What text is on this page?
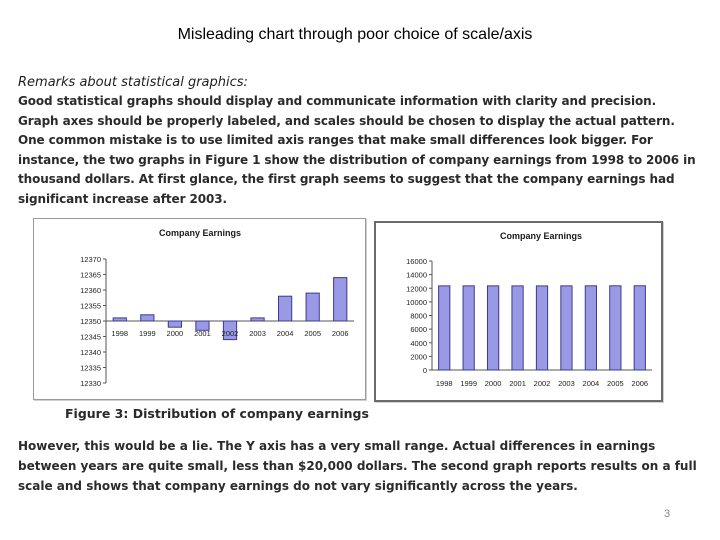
Misleading chart through poor choice of scale/axis

Remarks about statistical graphics:

Good statistical graphs should display and communicate information with clarity and precision. Graph axes should be properly labeled, and scales should be chosen to display the actual pattern. One common mistake is to use limited axis ranges that make small differences look bigger. For instance, the two graphs in Figure 1 show the distribution of company earnings from 1998 to 2006 in thousand dollars. At first glance, the first graph seems to suggest that the company earnings had significant increase after 2003.

Company Earnings
12370
12365
12360
12355
12350
12345
12340
12335
12330
1998 1999 2000 2001 2002 2003 2004 2005 2006
Company Earnings
16000
14000
12000
10000
8000
6000
4000
2000
0
1998 1999 2000 2001 2002 2003 2004 2005 2006
Figure 3: Distribution of company earnings

However, this would be a lie. The Y axis has a very small range. Actual differences in earnings between years are quite small, less than $20,000 dollars. The second graph reports results on a full scale and shows that company earnings do not vary significantly across the years.

3
